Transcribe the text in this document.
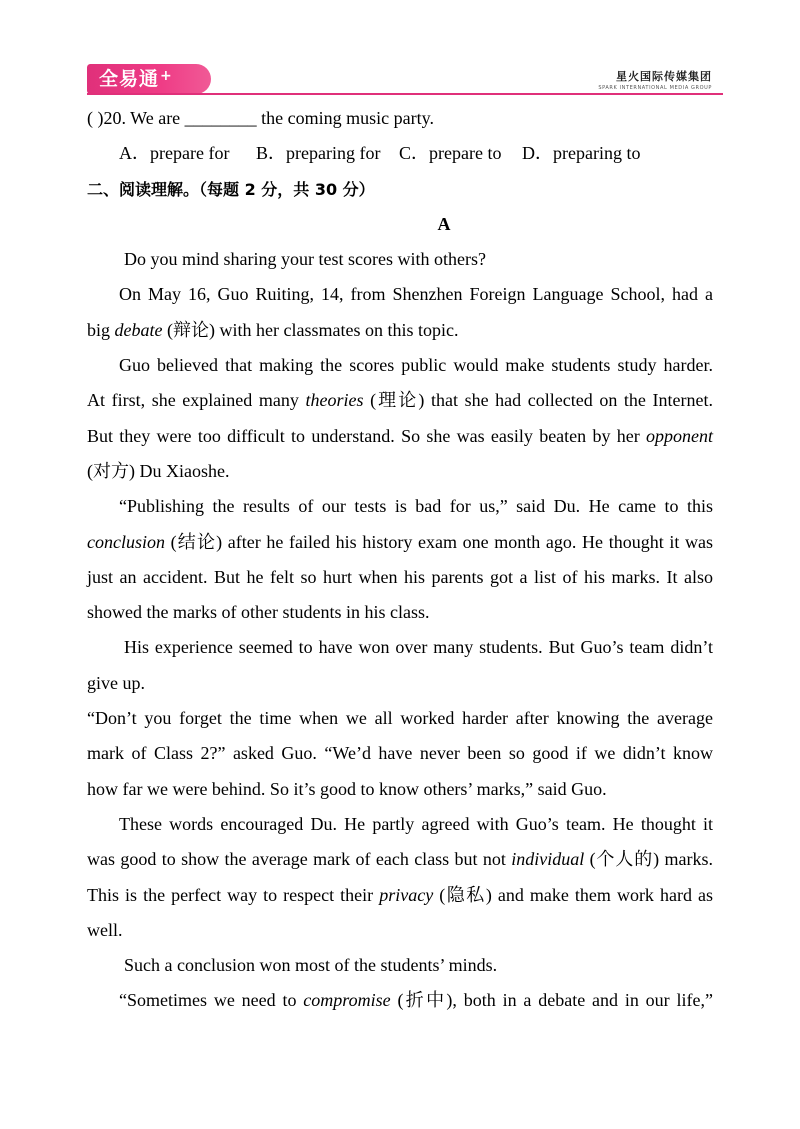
全易通+	星火国际传媒集团
SPARK INTERNATIONAL MEDIA GROUP
( )20. We are ________ the coming music party.
A．prepare for B．preparing for C．prepare to D．preparing to
二、阅读理解。（每题 2 分，共 30 分）
A
Do you mind sharing your test scores with others?
On May 16, Guo Ruiting, 14, from Shenzhen Foreign Language School, had a
big debate (辩论) with her classmates on this topic.
Guo believed that making the scores public would make students study harder.
At first, she explained many theories (理论) that she had collected on the Internet.
But they were too difficult to understand. So she was easily beaten by her opponent
(对方) Du Xiaoshe.
“Publishing the results of our tests is bad for us,” said Du. He came to this
conclusion (结论) after he failed his history exam one month ago. He thought it was
just an accident. But he felt so hurt when his parents got a list of his marks. It also
showed the marks of other students in his class.
His experience seemed to have won over many students. But Guo’s team didn’t
give up.
“Don’t you forget the time when we all worked harder after knowing the average
mark of Class 2?” asked Guo. “We’d have never been so good if we didn’t know
how far we were behind. So it’s good to know others’ marks,” said Guo.
These words encouraged Du. He partly agreed with Guo’s team. He thought it
was good to show the average mark of each class but not individual (个人的) marks.
This is the perfect way to respect their privacy (隐私) and make them work hard as
well.
Such a conclusion won most of the students’ minds.
“Sometimes we need to compromise (折中), both in a debate and in our life,”
